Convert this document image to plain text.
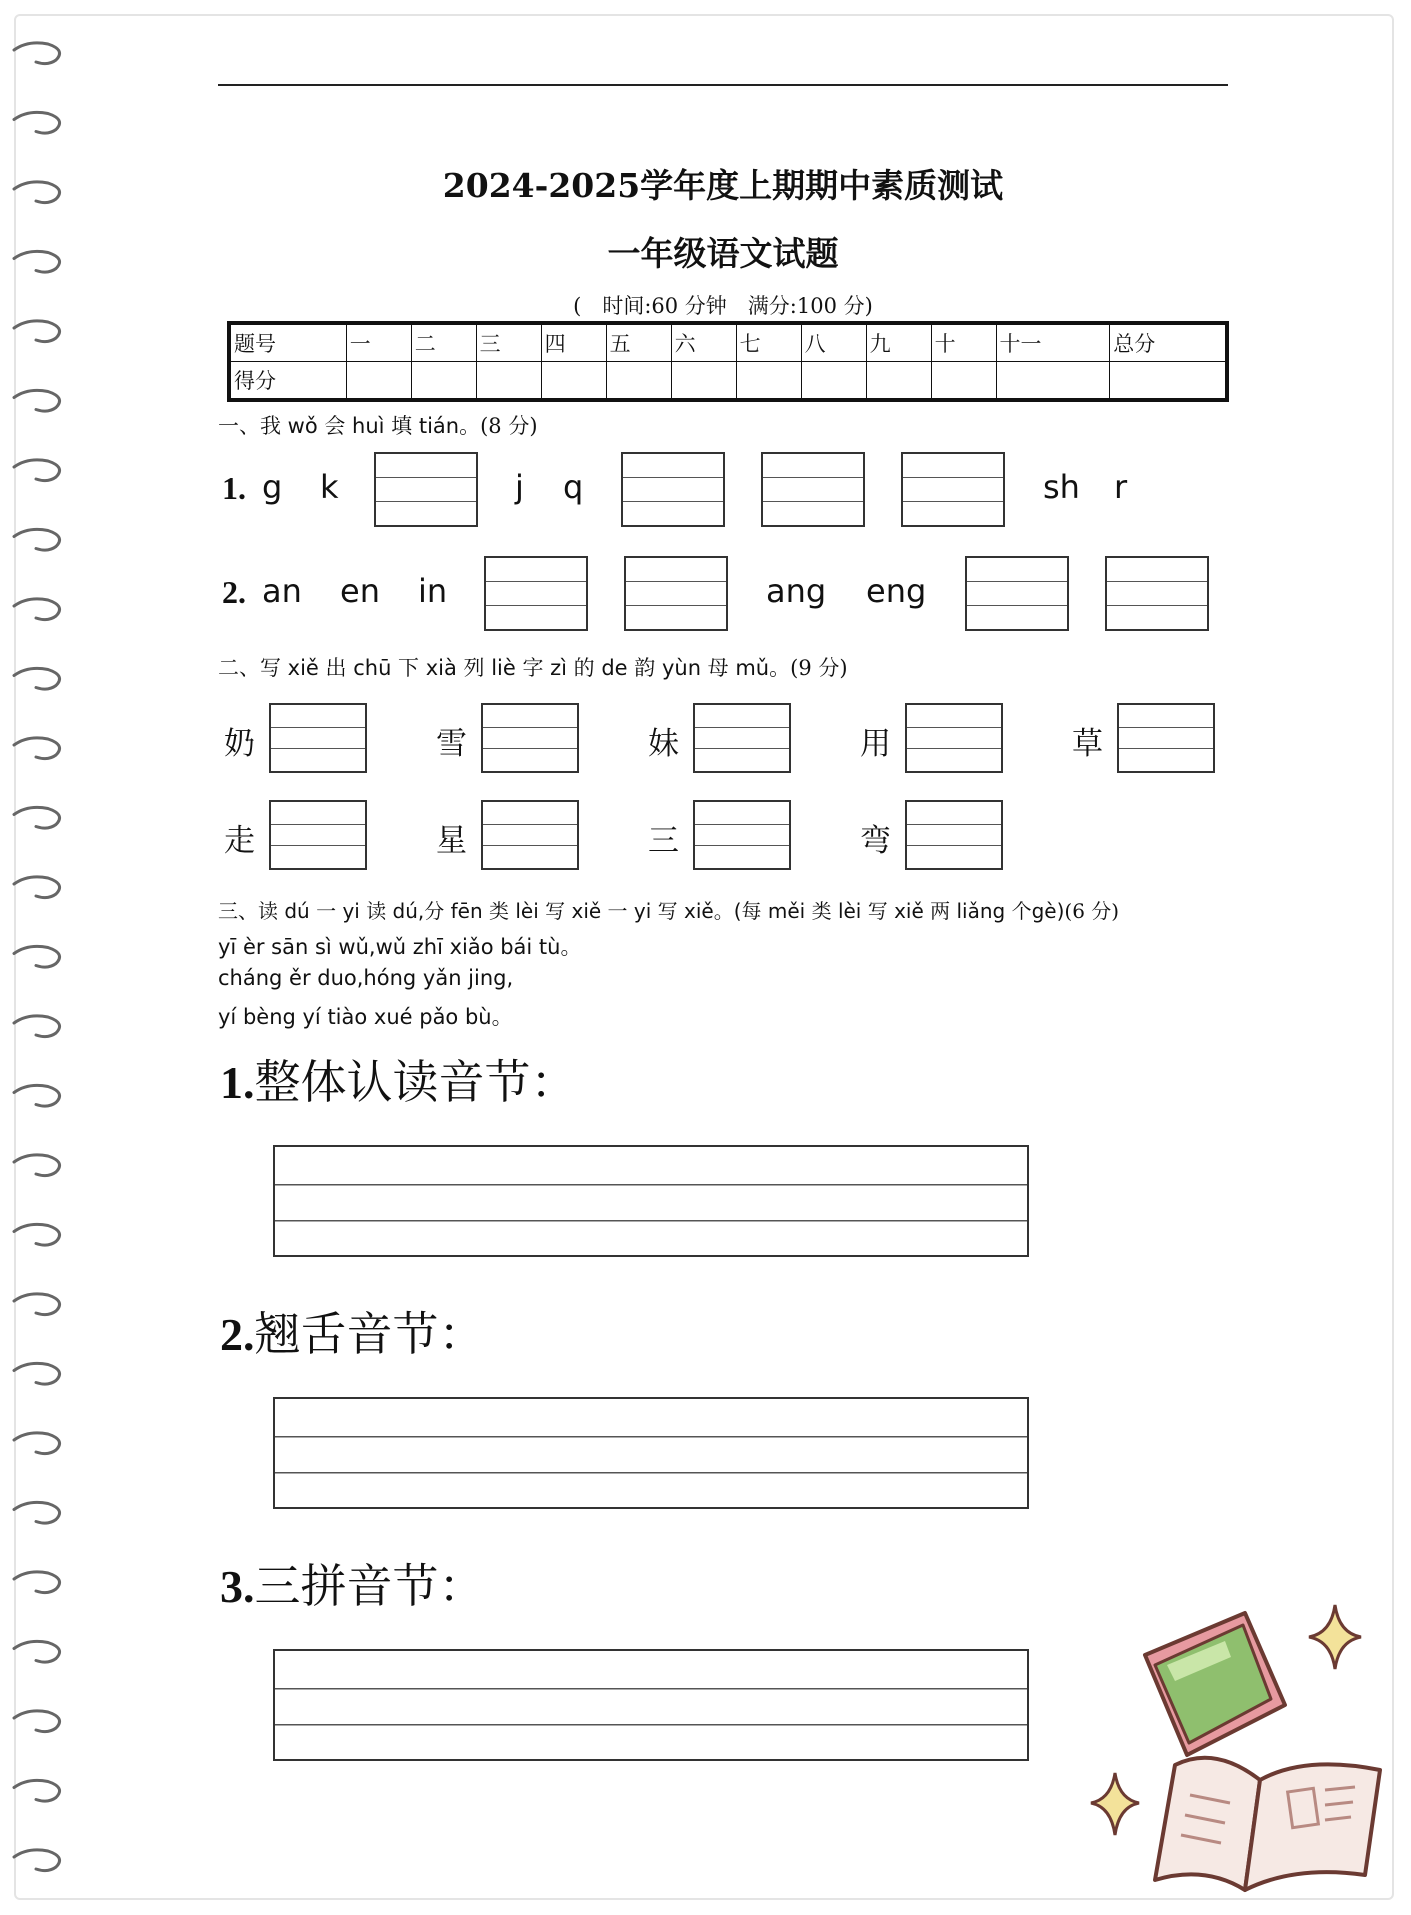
2024-2025学年度上期期中素质测试
一年级语文试题
(　时间:60 分钟　满分:100 分)
题号	一	二	三	四	五	六	七	八	九	十	十一	总分
得分												
一、我 wǒ 会 huì 填 tián。(8 分)
1. g k	j q	sh r
2. an en in	ang eng
二、写 xiě 出 chū 下 xià 列 liè 字 zì 的 de 韵 yùn 母 mǔ。(9 分)
奶	雪	妹	用	草
走	星	三	弯
三、读 dú 一 yi 读 dú,分 fēn 类 lèi 写 xiě 一 yi 写 xiě。(每 měi 类 lèi 写 xiě 两 liǎng 个gè)(6 分)
yī èr sān sì wǔ,wǔ zhī xiǎo bái tù。
cháng ěr duo,hóng yǎn jing,
yí bèng yí tiào xué pǎo bù。
1.整体认读音节：
2.翘舌音节：
3.三拼音节：
